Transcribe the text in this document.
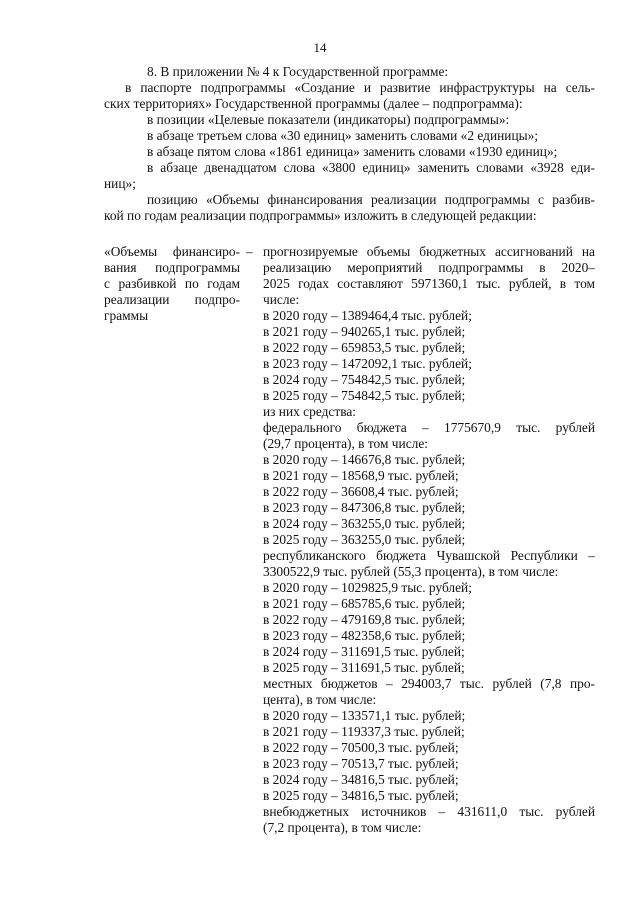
14
8. В приложении № 4 к Государственной программе:
в паспорте подпрограммы «Создание и развитие инфраструктуры на сель-
ских территориях» Государственной программы (далее – подпрограмма):
в позиции «Целевые показатели (индикаторы) подпрограммы»:
в абзаце третьем слова «30 единиц» заменить словами «2 единицы»;
в абзаце пятом слова «1861 единица» заменить словами «1930 единиц»;
в абзаце двенадцатом слова «3800 единиц» заменить словами «3928 еди-
ниц»;
позицию «Объемы финансирования реализации подпрограммы с разбив-
кой по годам реализации подпрограммы» изложить в следующей редакции:
«Объемы финансиро-
вания подпрограммы
с разбивкой по годам
реализации подпро-
граммы
– прогнозируемые объемы бюджетных ассигнований на
реализацию мероприятий подпрограммы в 2020–
2025 годах составляют 5971360,1 тыс. рублей, в том
числе:
в 2020 году – 1389464,4 тыс. рублей;
в 2021 году – 940265,1 тыс. рублей;
в 2022 году – 659853,5 тыс. рублей;
в 2023 году – 1472092,1 тыс. рублей;
в 2024 году – 754842,5 тыс. рублей;
в 2025 году – 754842,5 тыс. рублей;
из них средства:
федерального бюджета – 1775670,9 тыс. рублей
(29,7 процента), в том числе:
в 2020 году – 146676,8 тыс. рублей;
в 2021 году – 18568,9 тыс. рублей;
в 2022 году – 36608,4 тыс. рублей;
в 2023 году – 847306,8 тыс. рублей;
в 2024 году – 363255,0 тыс. рублей;
в 2025 году – 363255,0 тыс. рублей;
республиканского бюджета Чувашской Республики –
3300522,9 тыс. рублей (55,3 процента), в том числе:
в 2020 году – 1029825,9 тыс. рублей;
в 2021 году – 685785,6 тыс. рублей;
в 2022 году – 479169,8 тыс. рублей;
в 2023 году – 482358,6 тыс. рублей;
в 2024 году – 311691,5 тыс. рублей;
в 2025 году – 311691,5 тыс. рублей;
местных бюджетов – 294003,7 тыс. рублей (7,8 про-
цента), в том числе:
в 2020 году – 133571,1 тыс. рублей;
в 2021 году – 119337,3 тыс. рублей;
в 2022 году – 70500,3 тыс. рублей;
в 2023 году – 70513,7 тыс. рублей;
в 2024 году – 34816,5 тыс. рублей;
в 2025 году – 34816,5 тыс. рублей;
внебюджетных источников – 431611,0 тыс. рублей
(7,2 процента), в том числе:
